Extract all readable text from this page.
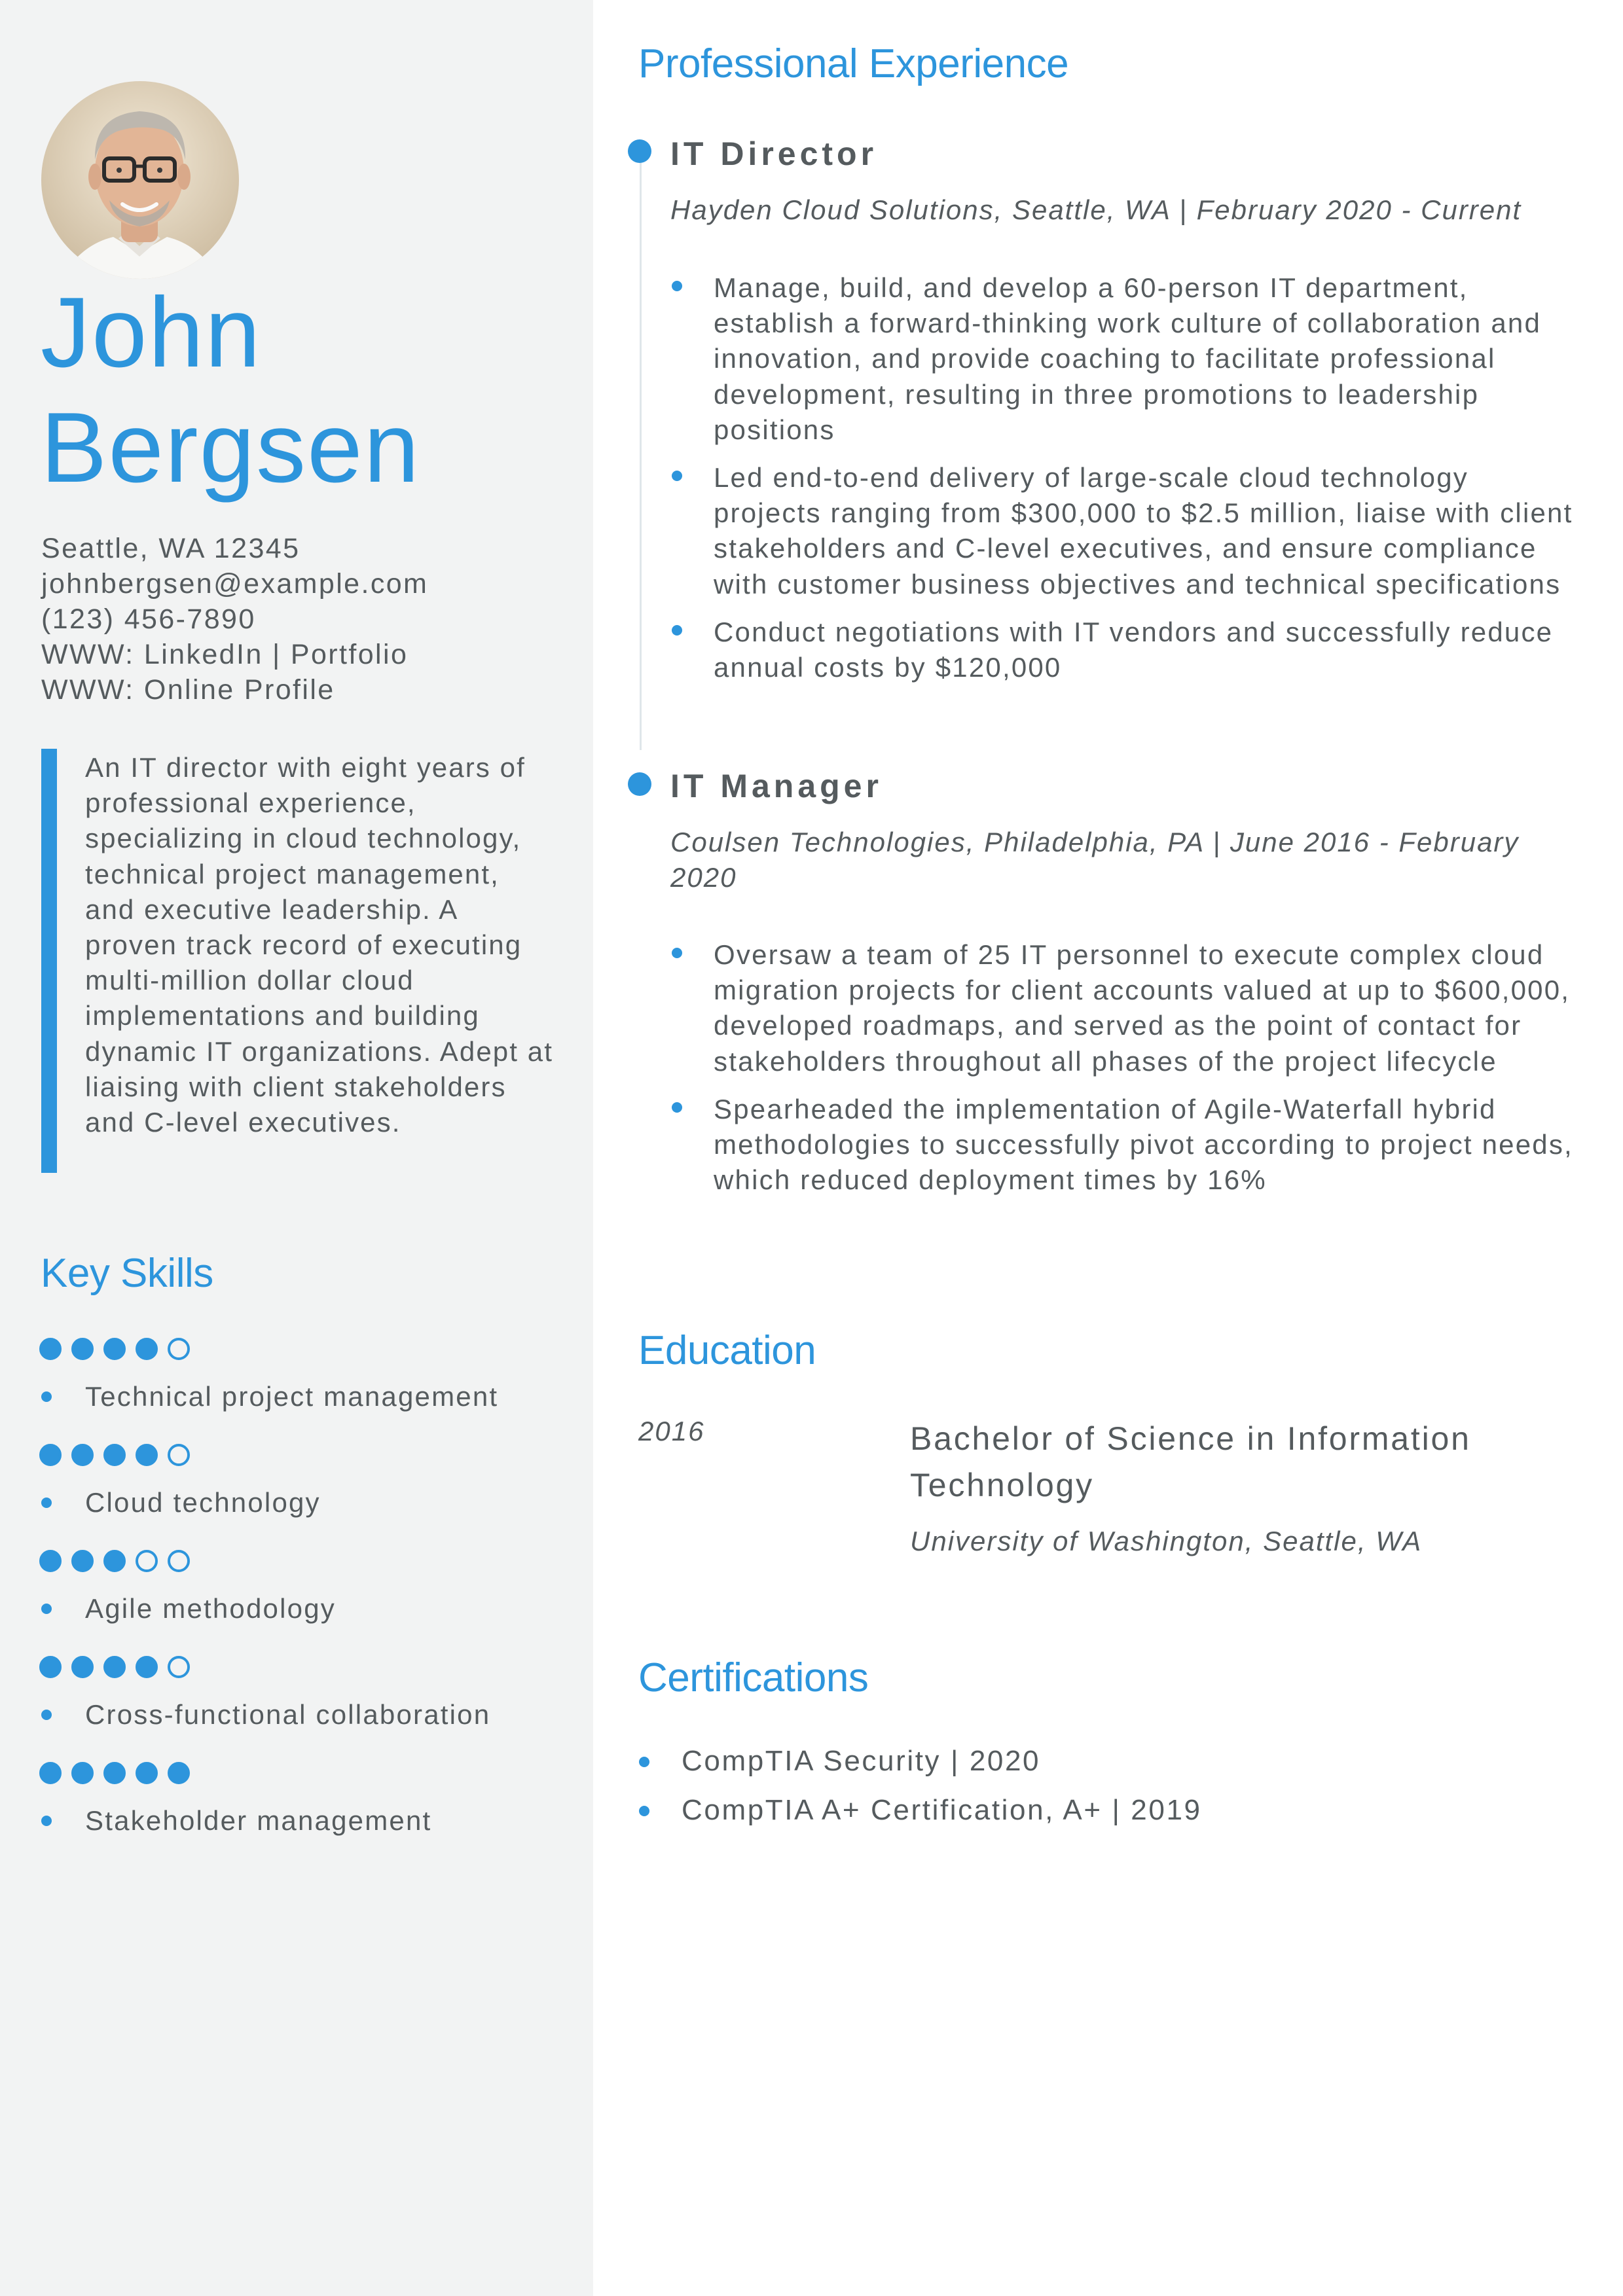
John
Bergsen
Seattle, WA 12345
johnbergsen@example.com
(123) 456-7890
WWW: LinkedIn | Portfolio
WWW: Online Profile
An IT director with eight years of professional experience, specializing in cloud technology, technical project management, and executive leadership. A proven track record of executing multi-million dollar cloud implementations and building dynamic IT organizations. Adept at liaising with client stakeholders and C-level executives.
Key Skills
Technical project management
Cloud technology
Agile methodology
Cross-functional collaboration
Stakeholder management
Professional Experience
IT Director
Hayden Cloud Solutions, Seattle, WA | February 2020 - Current
Manage, build, and develop a 60-person IT department, establish a forward-thinking work culture of collaboration and innovation, and provide coaching to facilitate professional development, resulting in three promotions to leadership positions
Led end-to-end delivery of large-scale cloud technology projects ranging from $300,000 to $2.5 million, liaise with client stakeholders and C-level executives, and ensure compliance with customer business objectives and technical specifications
Conduct negotiations with IT vendors and successfully reduce annual costs by $120,000
IT Manager
Coulsen Technologies, Philadelphia, PA | June 2016 - February 2020
Oversaw a team of 25 IT personnel to execute complex cloud migration projects for client accounts valued at up to $600,000, developed roadmaps, and served as the point of contact for stakeholders throughout all phases of the project lifecycle
Spearheaded the implementation of Agile-Waterfall hybrid methodologies to successfully pivot according to project needs, which reduced deployment times by 16%
Education
2016	Bachelor of Science in Information Technology
University of Washington, Seattle, WA
Certifications
CompTIA Security | 2020
CompTIA A+ Certification, A+ | 2019
